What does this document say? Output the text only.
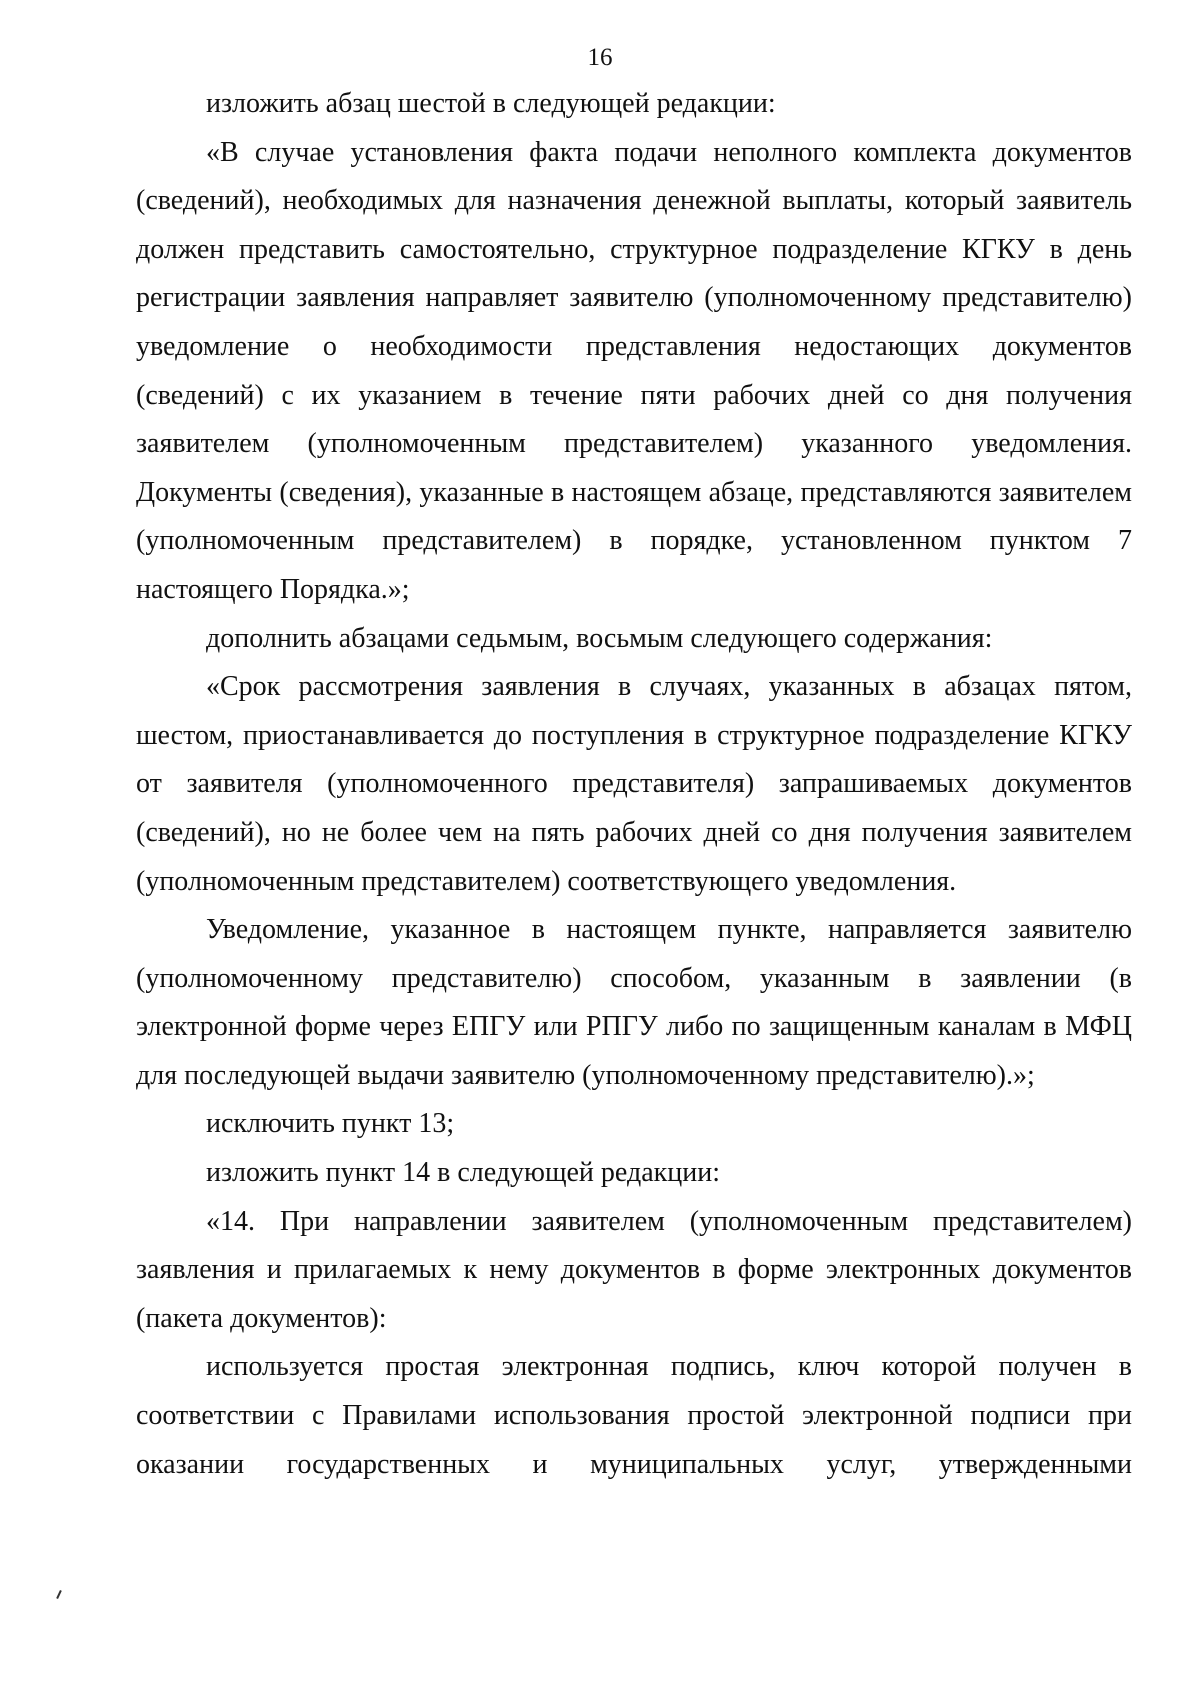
16

изложить абзац шестой в следующей редакции:

«В случае установления факта подачи неполного комплекта документов (сведений), необходимых для назначения денежной выплаты, который заявитель должен представить самостоятельно, структурное подразделение КГКУ в день регистрации заявления направляет заявителю (уполномоченному представителю) уведомление о необходимости представления недостающих документов (сведений) с их указанием в течение пяти рабочих дней со дня получения заявителем (уполномоченным представителем) указанного уведомления. Документы (сведения), указанные в настоящем абзаце, представляются заявителем (уполномоченным представителем) в порядке, установленном пунктом 7 настоящего Порядка.»;

дополнить абзацами седьмым, восьмым следующего содержания:

«Срок рассмотрения заявления в случаях, указанных в абзацах пятом, шестом, приостанавливается до поступления в структурное подразделение КГКУ от заявителя (уполномоченного представителя) запрашиваемых документов (сведений), но не более чем на пять рабочих дней со дня получения заявителем (уполномоченным представителем) соответствующего уведомления.

Уведомление, указанное в настоящем пункте, направляется заявителю (уполномоченному представителю) способом, указанным в заявлении (в электронной форме через ЕПГУ или РПГУ либо по защищенным каналам в МФЦ для последующей выдачи заявителю (уполномоченному представителю).»;

исключить пункт 13;

изложить пункт 14 в следующей редакции:

«14. При направлении заявителем (уполномоченным представителем) заявления и прилагаемых к нему документов в форме электронных документов (пакета документов):

используется простая электронная подпись, ключ которой получен в соответствии с Правилами использования простой электронной подписи при оказании государственных и муниципальных услуг, утвержденными
